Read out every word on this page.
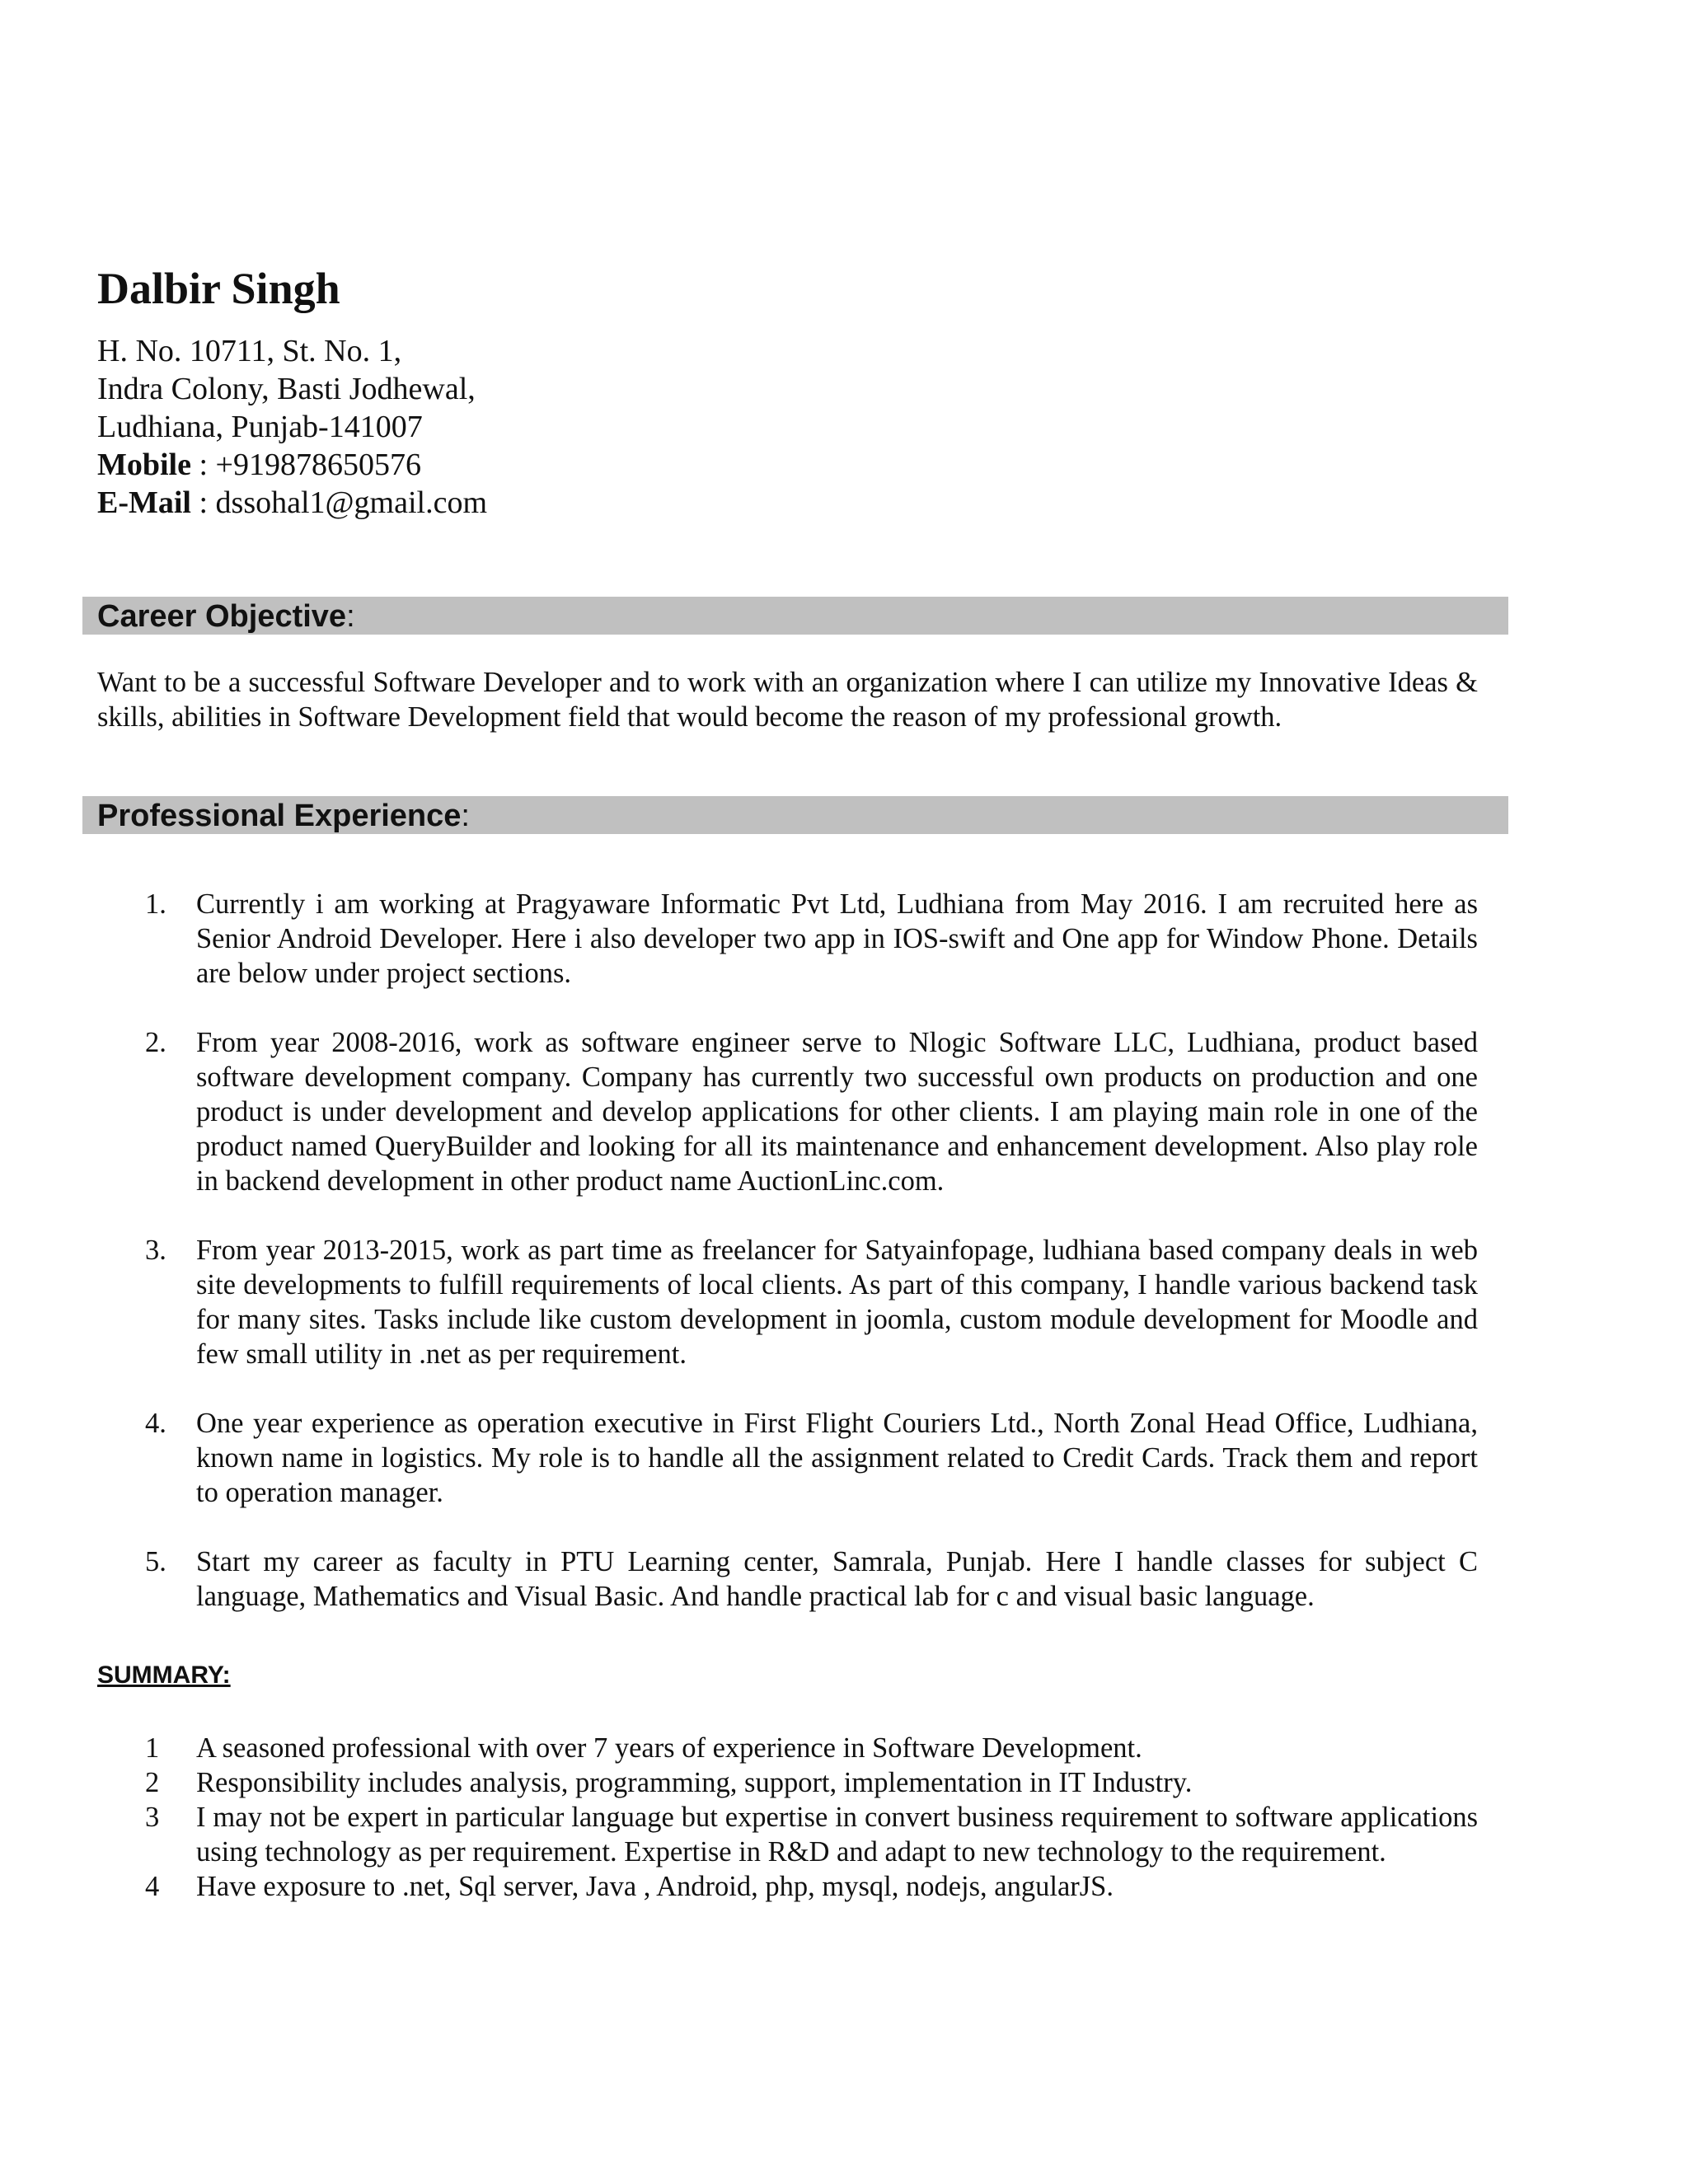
Dalbir Singh
H. No. 10711, St. No. 1,
Indra Colony, Basti Jodhewal,
Ludhiana, Punjab-141007
Mobile : +919878650576
E-Mail : dssohal1@gmail.com
Career Objective:
Want to be a successful Software Developer and to work with an organization where I can utilize my Innovative Ideas & skills, abilities in Software Development field that would become the reason of my professional growth.
Professional Experience:
1. Currently i am working at Pragyaware Informatic Pvt Ltd, Ludhiana from May 2016. I am recruited here as Senior Android Developer. Here i also developer two app in IOS-swift and One app for Window Phone. Details are below under project sections.
2. From year 2008-2016, work as software engineer serve to Nlogic Software LLC, Ludhiana, product based software development company. Company has currently two successful own products on production and one product is under development and develop applications for other clients. I am playing main role in one of the product named QueryBuilder and looking for all its maintenance and enhancement development. Also play role in backend development in other product name AuctionLinc.com.
3. From year 2013-2015, work as part time as freelancer for Satyainfopage, ludhiana based company deals in web site developments to fulfill requirements of local clients. As part of this company, I handle various backend task for many sites. Tasks include like custom development in joomla, custom module development for Moodle and few small utility in .net as per requirement.
4. One year experience as operation executive in First Flight Couriers Ltd., North Zonal Head Office, Ludhiana, known name in logistics. My role is to handle all the assignment related to Credit Cards. Track them and report to operation manager.
5. Start my career as faculty in PTU Learning center, Samrala, Punjab. Here I handle classes for subject C language, Mathematics and Visual Basic. And handle practical lab for c and visual basic language.
SUMMARY:
1 A seasoned professional with over 7 years of experience in Software Development.
2 Responsibility includes analysis, programming, support, implementation in IT Industry.
3 I may not be expert in particular language but expertise in convert business requirement to software applications using technology as per requirement. Expertise in R&D and adapt to new technology to the requirement.
4 Have exposure to .net, Sql server, Java , Android, php, mysql, nodejs, angularJS.
